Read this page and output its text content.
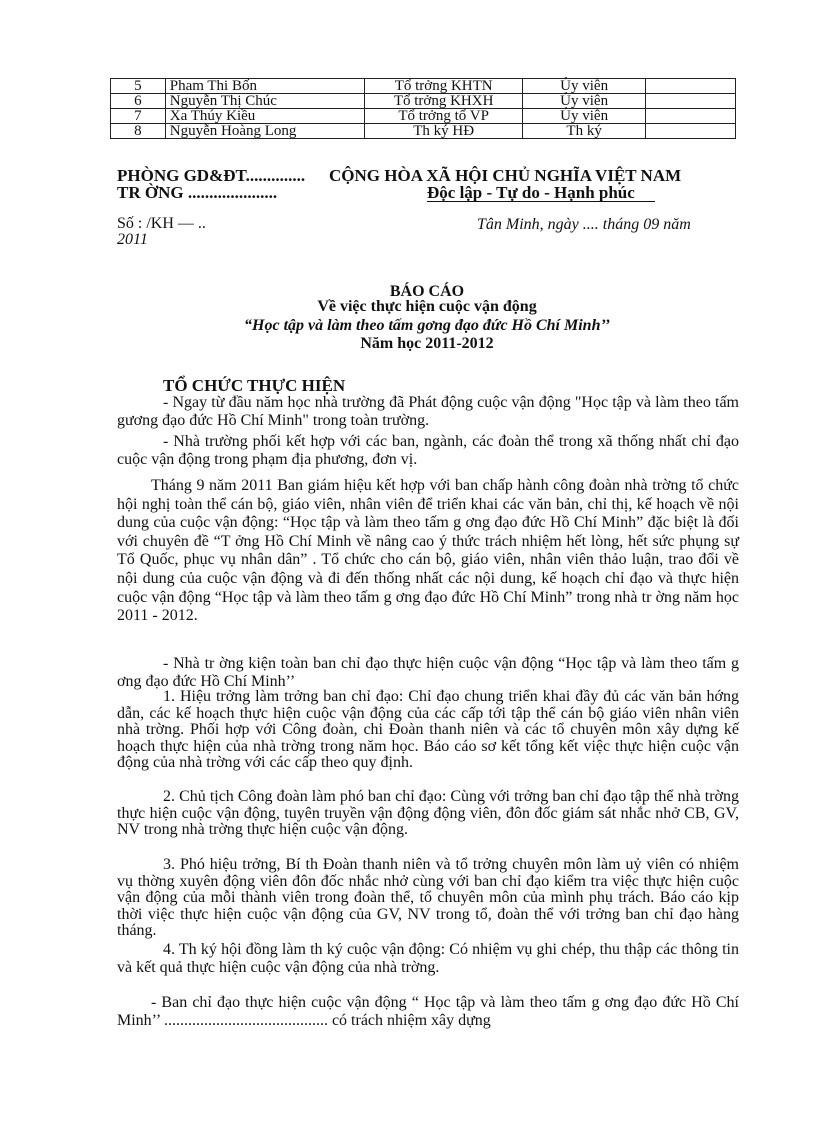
5	Pham Thi Bốn	Tổ trởng KHTN	Ủy viên	
6	Nguyễn Thị Chúc	Tổ trởng KHXH	Ủy viên	
7	Xa Thúy Kiều	Tổ trởng tổ VP	Ủy viên	
8	Nguyễn Hoàng Long	Th ký HĐ	Th ký	
PHÒNG GD&ĐT.............. CỘNG HÒA XÃ HỘI CHỦ NGHĨA VIỆT NAM
TR ỜNG .....................	Độc lập - Tự do - Hạnh phúc
Số : /KH — ..
2011
Tân Minh, ngày .... tháng 09 năm
BÁO CÁO
Về việc thực hiện cuộc vận động
“Học tập và làm theo tấm gơng đạo đức Hồ Chí Minh’’
Năm học 2011-2012
TỔ CHỨC THỰC HIỆN

- Ngay từ đầu năm học nhà trường đã Phát động cuộc vận động "Học tập và làm theo tấm gương đạo đức Hồ Chí Minh" trong toàn trường.

- Nhà trường phối kết hợp với các ban, ngành, các đoàn thể trong xã thống nhất chỉ đạo cuộc vận động trong phạm địa phương, đơn vị.

Tháng 9 năm 2011 Ban giám hiệu kết hợp với ban chấp hành công đoàn nhà trờng tổ chức hội nghị toàn thể cán bộ, giáo viên, nhân viên để triển khai các văn bản, chỉ thị, kế hoạch về nội dung của cuộc vận động: “Học tập và làm theo tấm g ơng đạo đức Hồ Chí Minh” đặc biệt là đối với chuyên đề “T ởng Hồ Chí Minh về nâng cao ý thức trách nhiệm hết lòng, hết sức phụng sự Tổ Quốc, phục vụ nhân dân” . Tổ chức cho cán bộ, giáo viên, nhân viên thảo luận, trao đổi về nội dung của cuộc vận động và đi đến thống nhất các nội dung, kế hoạch chỉ đạo và thực hiện cuộc vận động “Học tập và làm theo tấm g ơng đạo đức Hồ Chí Minh” trong nhà tr ờng năm học 2011 - 2012.

- Nhà tr ờng kiện toàn ban chỉ đạo thực hiện cuộc vận động “Học tập và làm theo tấm g ơng đạo đức Hồ Chí Minh’’

1. Hiệu trởng làm trởng ban chỉ đạo: Chỉ đạo chung triển khai đầy đủ các văn bản hớng dẫn, các kế hoạch thực hiện cuộc vận động của các cấp tới tập thể cán bộ giáo viên nhân viên nhà trờng. Phối hợp với Công đoàn, chi Đoàn thanh niên và các tổ chuyên môn xây dựng kế hoạch thực hiện của nhà trờng trong năm học. Báo cáo sơ kết tổng kết việc thực hiện cuộc vận động của nhà trờng với các cấp theo quy định.

2. Chủ tịch Công đoàn làm phó ban chỉ đạo: Cùng với trởng ban chỉ đạo tập thể nhà trờng thực hiện cuộc vận động, tuyên truyền vận động động viên, đôn đốc giám sát nhắc nhở CB, GV, NV trong nhà trờng thực hiện cuộc vận động.

3. Phó hiệu trởng, Bí th Đoàn thanh niên và tổ trởng chuyên môn làm uỷ viên có nhiệm vụ thờng xuyên động viên đôn đốc nhắc nhở cùng với ban chỉ đạo kiểm tra việc thực hiện cuộc vận động của mỗi thành viên trong đoàn thể, tổ chuyên môn của mình phụ trách. Báo cáo kịp thời việc thực hiện cuộc vận động của GV, NV trong tổ, đoàn thể với trởng ban chỉ đạo hàng tháng.

4. Th ký hội đồng làm th ký cuộc vận động: Có nhiệm vụ ghi chép, thu thập các thông tin và kết quả thực hiện cuộc vận động của nhà trờng.

- Ban chỉ đạo thực hiện cuộc vận động “ Học tập và làm theo tấm g ơng đạo đức Hồ Chí Minh’’ ......................................... có trách nhiệm xây dựng
